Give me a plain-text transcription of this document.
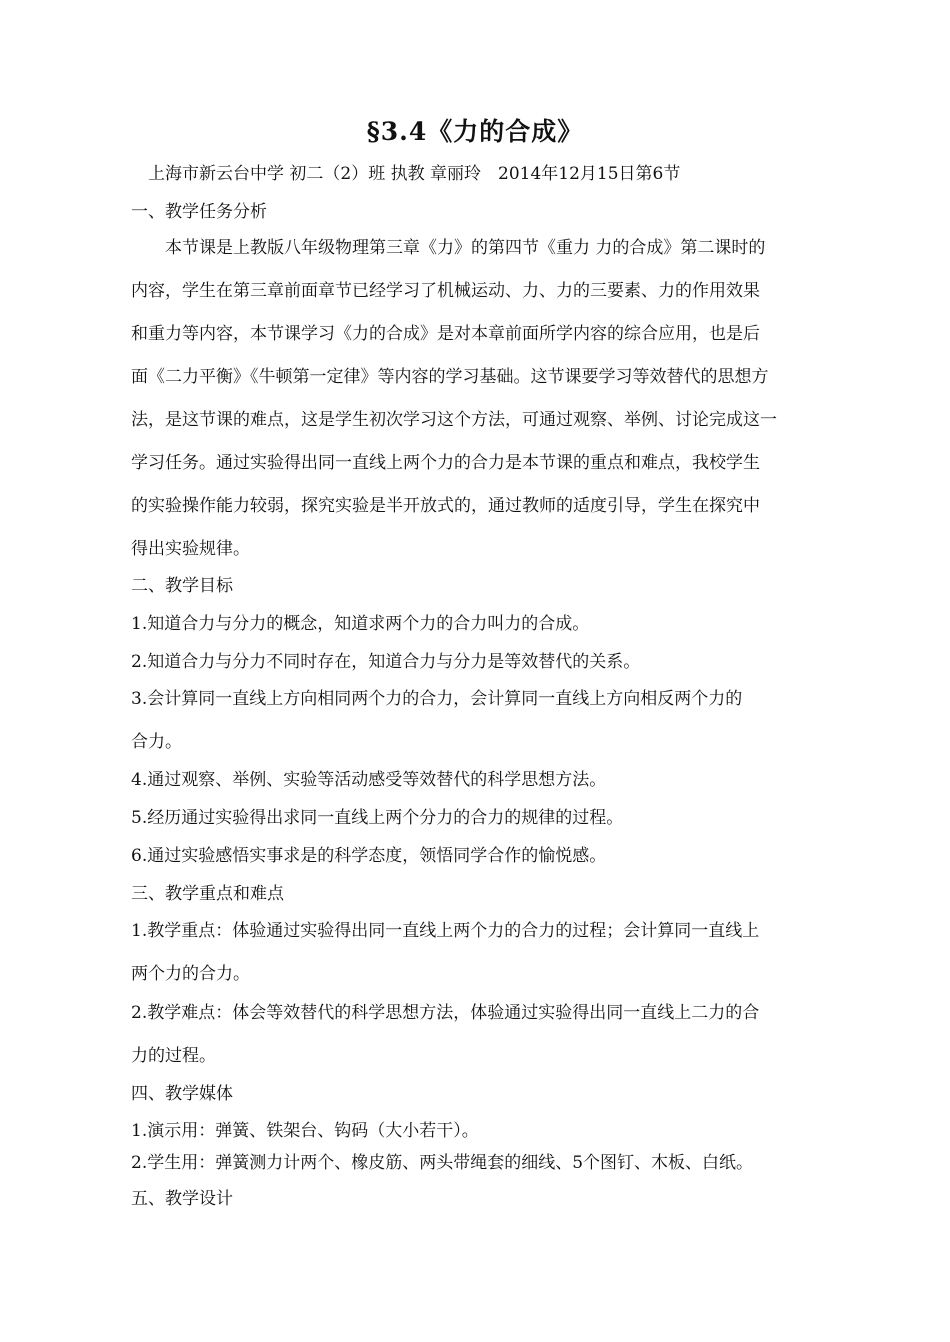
§3.4《力的合成》
上海市新云台中学 初二（2）班 执教 章丽玲　2014年12月15日第6节
一、教学任务分析
本节课是上教版八年级物理第三章《力》的第四节《重力 力的合成》第二课时的
内容，学生在第三章前面章节已经学习了机械运动、力、力的三要素、力的作用效果
和重力等内容，本节课学习《力的合成》是对本章前面所学内容的综合应用，也是后
面《二力平衡》《牛顿第一定律》等内容的学习基础。这节课要学习等效替代的思想方
法，是这节课的难点，这是学生初次学习这个方法，可通过观察、举例、讨论完成这一
学习任务。通过实验得出同一直线上两个力的合力是本节课的重点和难点，我校学生
的实验操作能力较弱，探究实验是半开放式的，通过教师的适度引导，学生在探究中
得出实验规律。
二、教学目标
1.知道合力与分力的概念，知道求两个力的合力叫力的合成。
2.知道合力与分力不同时存在，知道合力与分力是等效替代的关系。
3.会计算同一直线上方向相同两个力的合力，会计算同一直线上方向相反两个力的
合力。
4.通过观察、举例、实验等活动感受等效替代的科学思想方法。
5.经历通过实验得出求同一直线上两个分力的合力的规律的过程。
6.通过实验感悟实事求是的科学态度，领悟同学合作的愉悦感。
三、教学重点和难点
1.教学重点：体验通过实验得出同一直线上两个力的合力的过程；会计算同一直线上
两个力的合力。
2.教学难点：体会等效替代的科学思想方法，体验通过实验得出同一直线上二力的合
力的过程。
四、教学媒体
1.演示用：弹簧、铁架台、钩码（大小若干）。
2.学生用：弹簧测力计两个、橡皮筋、两头带绳套的细线、5个图钉、木板、白纸。
五、教学设计
